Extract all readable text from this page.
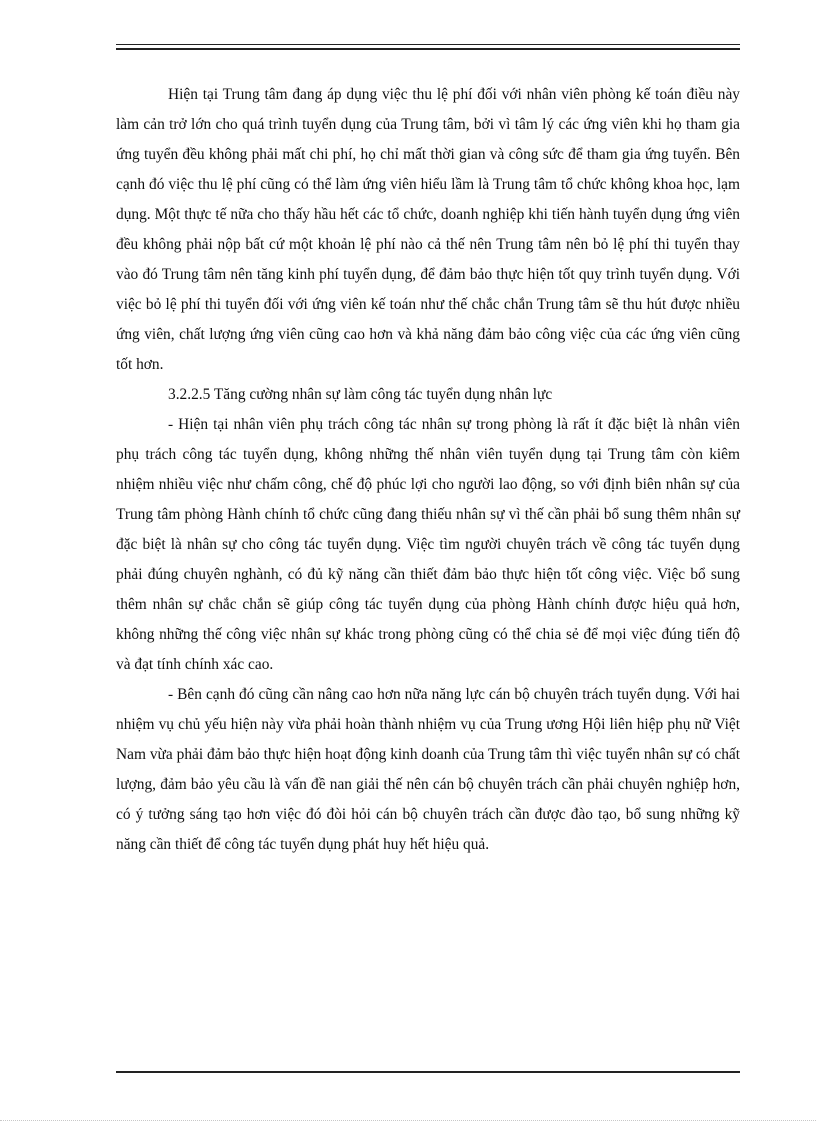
Hiện tại Trung tâm đang áp dụng việc thu lệ phí đối với nhân viên phòng kế toán điều này làm cản trở lớn cho quá trình tuyển dụng của Trung tâm, bởi vì tâm lý các ứng viên khi họ tham gia ứng tuyển đều không phải mất chi phí, họ chỉ mất thời gian và công sức để tham gia ứng tuyển. Bên cạnh đó việc thu lệ phí cũng có thể làm ứng viên hiểu lầm là Trung tâm tổ chức không khoa học, lạm dụng. Một thực tế nữa cho thấy hầu hết các tổ chức, doanh nghiệp khi tiến hành tuyển dụng ứng viên đều không phải nộp bất cứ một khoản lệ phí nào cả thế nên Trung tâm nên bỏ lệ phí thi tuyển thay vào đó Trung tâm nên tăng kinh phí tuyển dụng, để đảm bảo thực hiện tốt quy trình tuyển dụng. Với việc bỏ lệ phí thi tuyển đối với ứng viên kế toán như thế chắc chắn Trung tâm sẽ thu hút được nhiều ứng viên, chất lượng ứng viên cũng cao hơn và khả năng đảm bảo công việc của các ứng viên cũng tốt hơn.

3.2.2.5 Tăng cường nhân sự làm công tác tuyển dụng nhân lực

- Hiện tại nhân viên phụ trách công tác nhân sự trong phòng là rất ít đặc biệt là nhân viên phụ trách công tác tuyển dụng, không những thế nhân viên tuyển dụng tại Trung tâm còn kiêm nhiệm nhiều việc như chấm công, chế độ phúc lợi cho người lao động, so với định biên nhân sự của Trung tâm phòng Hành chính tổ chức cũng đang thiếu nhân sự vì thế cần phải bổ sung thêm nhân sự đặc biệt là nhân sự cho công tác tuyển dụng. Việc tìm người chuyên trách về công tác tuyển dụng phải đúng chuyên nghành, có đủ kỹ năng cần thiết đảm bảo thực hiện tốt công việc. Việc bổ sung thêm nhân sự chắc chắn sẽ giúp công tác tuyển dụng của phòng Hành chính được hiệu quả hơn, không những thế công việc nhân sự khác trong phòng cũng có thể chia sẻ để mọi việc đúng tiến độ và đạt tính chính xác cao.

- Bên cạnh đó cũng cần nâng cao hơn nữa năng lực cán bộ chuyên trách tuyển dụng. Với hai nhiệm vụ chủ yếu hiện này vừa phải hoàn thành nhiệm vụ của Trung ương Hội liên hiệp phụ nữ Việt Nam vừa phải đảm bảo thực hiện hoạt động kinh doanh của Trung tâm thì việc tuyển nhân sự có chất lượng, đảm bảo yêu cầu là vấn đề nan giải thế nên cán bộ chuyên trách cần phải chuyên nghiệp hơn, có ý tưởng sáng tạo hơn việc đó đòi hỏi cán bộ chuyên trách cần được đào tạo, bổ sung những kỹ năng cần thiết để công tác tuyển dụng phát huy hết hiệu quả.
